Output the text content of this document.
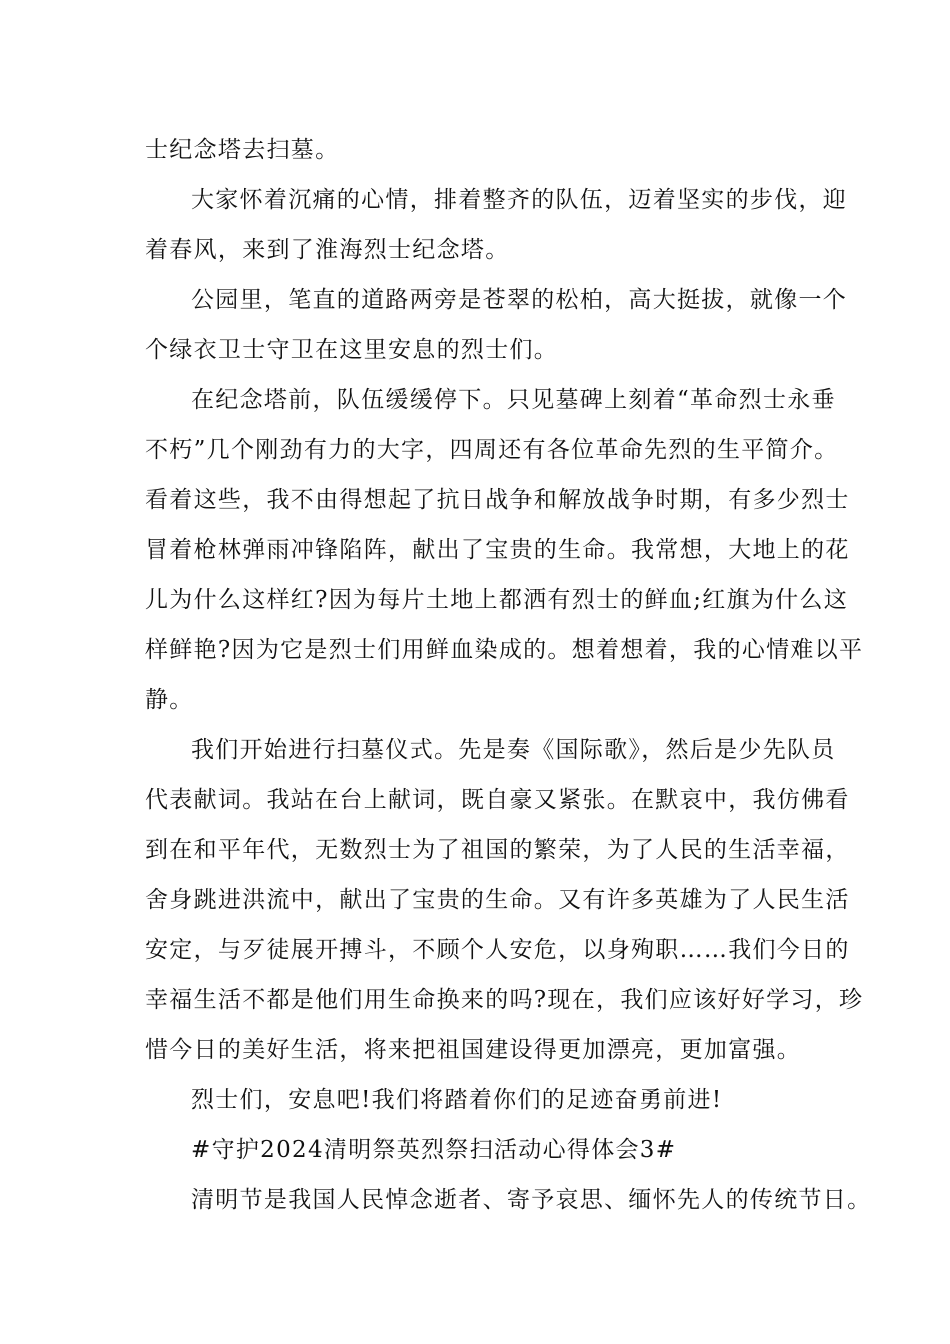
士纪念塔去扫墓。
大家怀着沉痛的心情，排着整齐的队伍，迈着坚实的步伐，迎
着春风，来到了淮海烈士纪念塔。
公园里，笔直的道路两旁是苍翠的松柏，高大挺拔，就像一个
个绿衣卫士守卫在这里安息的烈士们。
在纪念塔前，队伍缓缓停下。只见墓碑上刻着“革命烈士永垂
不朽”几个刚劲有力的大字，四周还有各位革命先烈的生平简介。
看着这些，我不由得想起了抗日战争和解放战争时期，有多少烈士
冒着枪林弹雨冲锋陷阵，献出了宝贵的生命。我常想，大地上的花
儿为什么这样红?因为每片土地上都洒有烈士的鲜血;红旗为什么这
样鲜艳?因为它是烈士们用鲜血染成的。想着想着，我的心情难以平
静。
我们开始进行扫墓仪式。先是奏《国际歌》，然后是少先队员
代表献词。我站在台上献词，既自豪又紧张。在默哀中，我仿佛看
到在和平年代，无数烈士为了祖国的繁荣，为了人民的生活幸福，
舍身跳进洪流中，献出了宝贵的生命。又有许多英雄为了人民生活
安定，与歹徒展开搏斗，不顾个人安危，以身殉职……我们今日的
幸福生活不都是他们用生命换来的吗?现在，我们应该好好学习，珍
惜今日的美好生活，将来把祖国建设得更加漂亮，更加富强。
烈士们，安息吧!我们将踏着你们的足迹奋勇前进!
#守护2024清明祭英烈祭扫活动心得体会3#
清明节是我国人民悼念逝者、寄予哀思、缅怀先人的传统节日。
